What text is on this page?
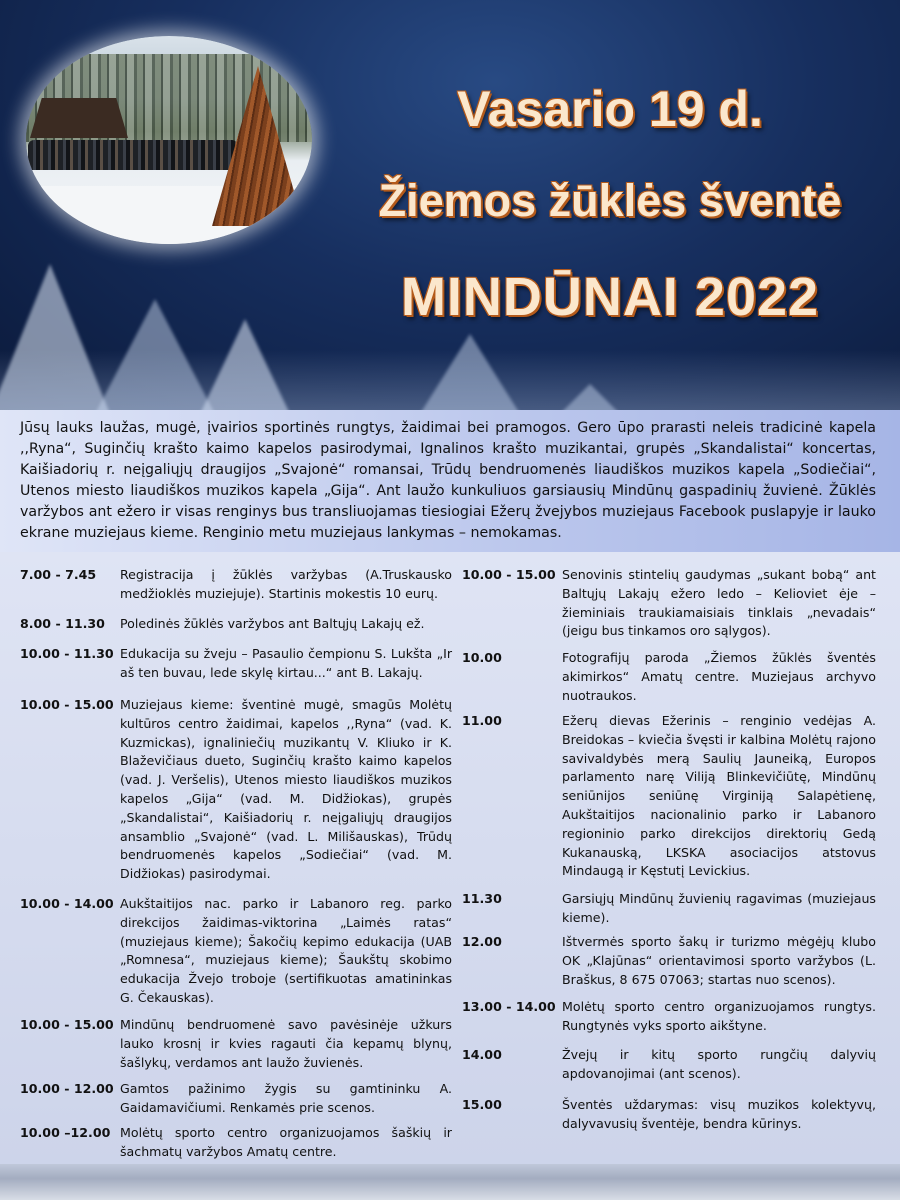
Vasario 19 d.
Žiemos žūklės šventė
MINDŪNAI 2022

Jūsų lauks laužas, mugė, įvairios sportinės rungtys, žaidimai bei pramogos. Gero ūpo prarasti neleis tradicinė kapela ,,Ryna“, Suginčių krašto kaimo kapelos pasirodymai, Ignalinos krašto muzikantai, grupės „Skandalistai“ koncertas, Kaišiadorių r. neįgaliųjų draugijos „Svajonė“ romansai, Trūdų bendruomenės liaudiškos muzikos kapela „Sodiečiai“, Utenos miesto liaudiškos muzikos kapela „Gija“. Ant laužo kunkuliuos garsiausių Mindūnų gaspadinių žuvienė. Žūklės varžybos ant ežero ir visas renginys bus transliuojamas tiesiogiai Ežerų žvejybos muziejaus Facebook puslapyje ir lauko ekrane muziejaus kieme. Renginio metu muziejaus lankymas – nemokamas.

7.00 - 7.45 Registracija į žūklės varžybas (A.Truskausko medžioklės muziejuje). Startinis mokestis 10 eurų.
8.00 - 11.30 Poledinės žūklės varžybos ant Baltųjų Lakajų ež.
10.00 - 11.30 Edukacija su žveju – Pasaulio čempionu S. Lukšta „Ir aš ten buvau, lede skylę kirtau...“ ant B. Lakajų.
10.00 - 15.00 Muziejaus kieme: šventinė mugė, smagūs Molėtų kultūros centro žaidimai, kapelos ,,Ryna“ (vad. K. Kuzmickas), ignaliniečių muzikantų V. Kliuko ir K. Blaževičiaus dueto, Suginčių krašto kaimo kapelos (vad. J. Veršelis), Utenos miesto liaudiškos muzikos kapelos „Gija“ (vad. M. Didžiokas), grupės „Skandalistai“, Kaišiadorių r. neįgaliųjų draugijos ansamblio „Svajonė“ (vad. L. Milišauskas), Trūdų bendruomenės kapelos „Sodiečiai“ (vad. M. Didžiokas) pasirodymai.
10.00 - 14.00 Aukštaitijos nac. parko ir Labanoro reg. parko direkcijos žaidimas-viktorina „Laimės ratas“ (muziejaus kieme); Šakočių kepimo edukacija (UAB „Romnesa“, muziejaus kieme); Šaukštų skobimo edukacija Žvejo troboje (sertifikuotas amatininkas G. Čekauskas).
10.00 - 15.00 Mindūnų bendruomenė savo pavėsinėje užkurs lauko krosnį ir kvies ragauti čia kepamų blynų, šašlykų, verdamos ant laužo žuvienės.
10.00 - 12.00 Gamtos pažinimo žygis su gamtininku A. Gaidamavičiumi. Renkamės prie scenos.
10.00 –12.00 Molėtų sporto centro organizuojamos šaškių ir šachmatų varžybos Amatų centre.
10.00 - 15.00 Senovinis stintelių gaudymas „sukant bobą“ ant Baltųjų Lakajų ežero ledo – Kelioviet ėje – žieminiais traukiamaisiais tinklais „nevadais“ (jeigu bus tinkamos oro sąlygos).
10.00	Fotografijų paroda „Žiemos žūklės šventės akimirkos“ Amatų centre. Muziejaus archyvo nuotraukos.
11.00	Ežerų dievas Ežerinis – renginio vedėjas A. Breidokas – kviečia švęsti ir kalbina Molėtų rajono savivaldybės merą Saulių Jauneiką, Europos parlamento narę Viliją Blinkevičiūtę, Mindūnų seniūnijos seniūnę Virginiją Salapėtienę, Aukštaitijos nacionalinio parko ir Labanoro regioninio parko direkcijos direktorių Gedą Kukanauską, LKSKA asociacijos atstovus Mindaugą ir Kęstutį Levickius.
11.30	Garsiųjų Mindūnų žuvienių ragavimas (muziejaus kieme).
12.00	Ištvermės sporto šakų ir turizmo mėgėjų klubo OK „Klajūnas“ orientavimosi sporto varžybos (L. Braškus, 8 675 07063; startas nuo scenos).
13.00 - 14.00 Molėtų sporto centro organizuojamos rungtys. Rungtynės vyks sporto aikštyne.
14.00	Žvejų ir kitų sporto rungčių dalyvių apdovanojimai (ant scenos).
15.00	Šventės uždarymas: visų muzikos kolektyvų, dalyvavusių šventėje, bendra kūrinys.
